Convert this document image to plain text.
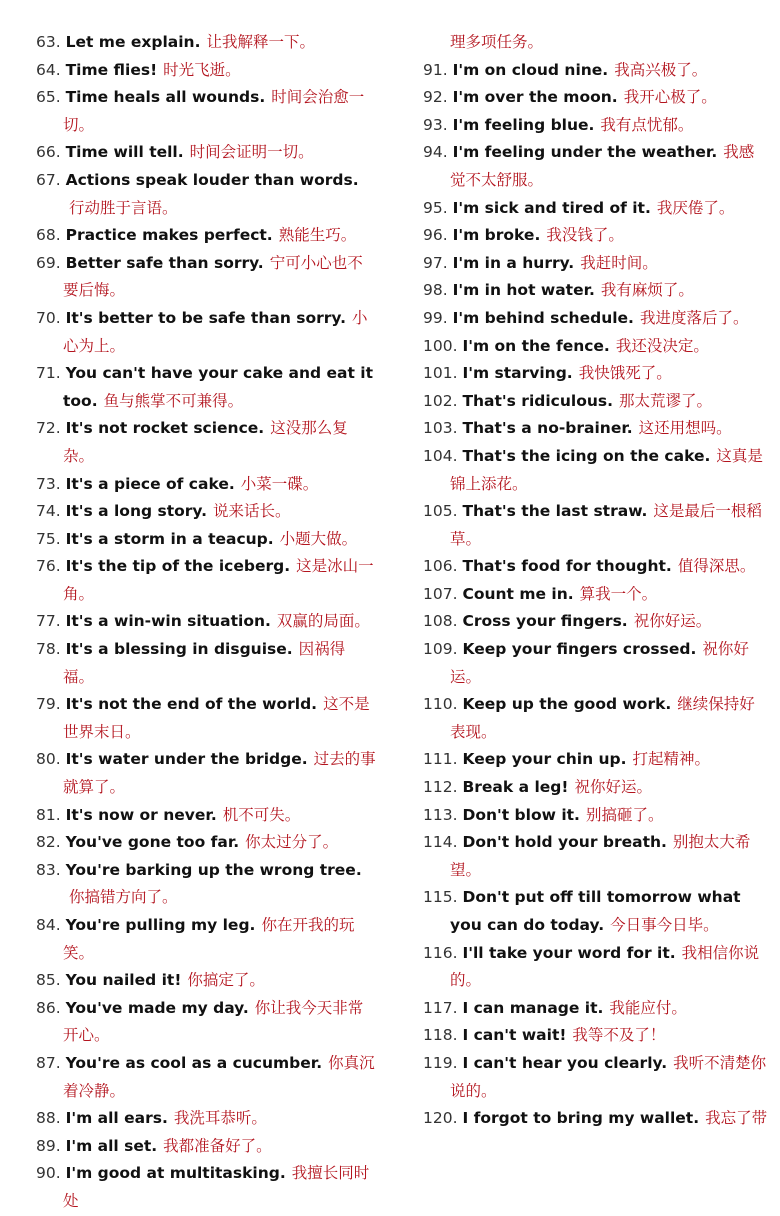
63. Let me explain. 让我解释一下。
64. Time flies! 时光飞逝。
65. Time heals all wounds. 时间会治愈一切。
66. Time will tell. 时间会证明一切。
67. Actions speak louder than words.行动胜于言语。
68. Practice makes perfect. 熟能生巧。
69. Better safe than sorry. 宁可小心也不要后悔。
70. It's better to be safe than sorry. 小心为上。
71. You can't have your cake and eat it too. 鱼与熊掌不可兼得。
72. It's not rocket science. 这没那么复杂。
73. It's a piece of cake. 小菜一碟。
74. It's a long story. 说来话长。
75. It's a storm in a teacup. 小题大做。
76. It's the tip of the iceberg. 这是冰山一角。
77. It's a win-win situation. 双赢的局面。
78. It's a blessing in disguise. 因祸得福。
79. It's not the end of the world. 这不是世界末日。
80. It's water under the bridge. 过去的事就算了。
81. It's now or never. 机不可失。
82. You've gone too far. 你太过分了。
83. You're barking up the wrong tree.你搞错方向了。
84. You're pulling my leg. 你在开我的玩笑。
85. You nailed it! 你搞定了。
86. You've made my day. 你让我今天非常开心。
87. You're as cool as a cucumber. 你真沉着冷静。
88. I'm all ears. 我洗耳恭听。
89. I'm all set. 我都准备好了。
90. I'm good at multitasking. 我擅长同时处
理多项任务。
91. I'm on cloud nine. 我高兴极了。
92. I'm over the moon. 我开心极了。
93. I'm feeling blue. 我有点忧郁。
94. I'm feeling under the weather. 我感觉不太舒服。
95. I'm sick and tired of it. 我厌倦了。
96. I'm broke. 我没钱了。
97. I'm in a hurry. 我赶时间。
98. I'm in hot water. 我有麻烦了。
99. I'm behind schedule. 我进度落后了。
100. I'm on the fence. 我还没决定。
101. I'm starving. 我快饿死了。
102. That's ridiculous. 那太荒谬了。
103. That's a no-brainer. 这还用想吗。
104. That's the icing on the cake. 这真是锦上添花。
105. That's the last straw. 这是最后一根稻草。
106. That's food for thought. 值得深思。
107. Count me in. 算我一个。
108. Cross your fingers. 祝你好运。
109. Keep your fingers crossed. 祝你好运。
110. Keep up the good work. 继续保持好表现。
111. Keep your chin up. 打起精神。
112. Break a leg! 祝你好运。
113. Don't blow it. 别搞砸了。
114. Don't hold your breath. 别抱太大希望。
115. Don't put off till tomorrow what you can do today. 今日事今日毕。
116. I'll take your word for it. 我相信你说的。
117. I can manage it. 我能应付。
118. I can't wait! 我等不及了！
119. I can't hear you clearly. 我听不清楚你说的。
120. I forgot to bring my wallet. 我忘了带
